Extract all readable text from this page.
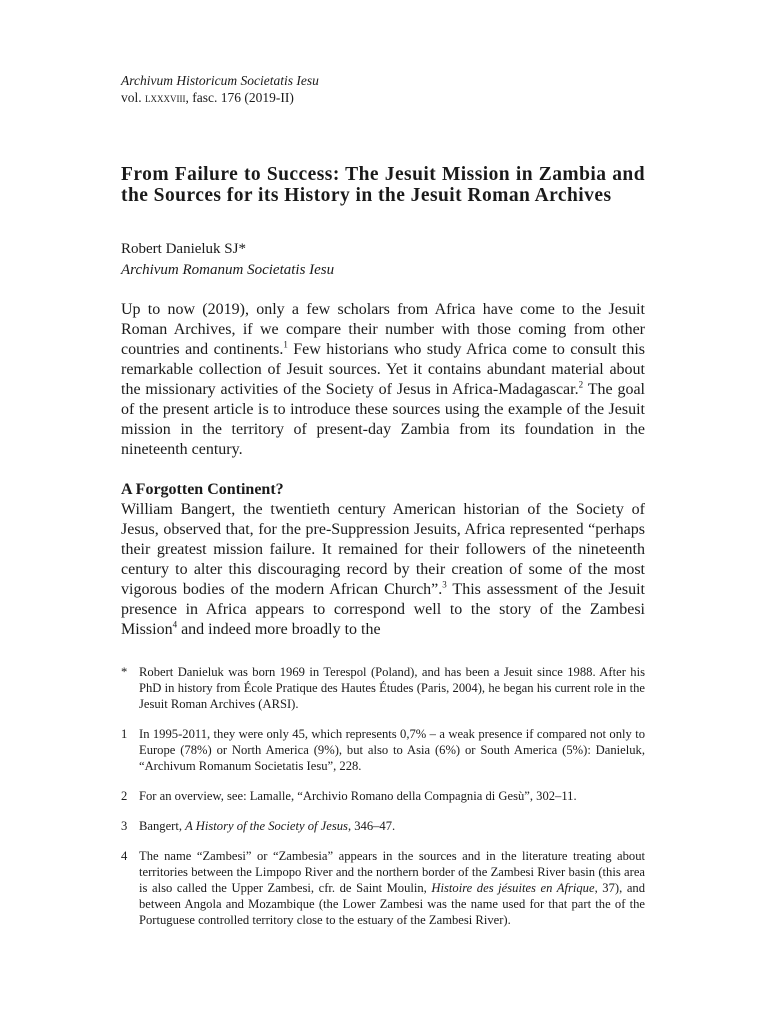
Archivum Historicum Societatis Iesu
vol. lxxxviii, fasc. 176 (2019-II)
From Failure to Success: The Jesuit Mission in Zambia and the Sources for its History in the Jesuit Roman Archives
Robert Danieluk SJ*
Archivum Romanum Societatis Iesu

Up to now (2019), only a few scholars from Africa have come to the Jesuit Roman Archives, if we compare their number with those coming from other countries and continents.$^1$ Few historians who study Africa come to consult this remarkable collection of Jesuit sources. Yet it contains abundant material about the missionary activities of the Society of Jesus in Africa-Madagascar.$^2$ The goal of the present article is to introduce these sources using the example of the Jesuit mission in the territory of present-day Zambia from its foundation in the nineteenth century.

A Forgotten Continent?

William Bangert, the twentieth century American historian of the Society of Jesus, observed that, for the pre-Suppression Jesuits, Africa represented “perhaps their greatest mission failure. It remained for their followers of the nineteenth century to alter this discouraging record by their creation of some of the most vigorous bodies of the modern African Church”.$^3$ This assessment of the Jesuit presence in Africa appears to correspond well to the story of the Zambesi Mission$^4$ and indeed more broadly to the

* Robert Danieluk was born 1969 in Terespol (Poland), and has been a Jesuit since 1988. After his PhD in history from École Pratique des Hautes Études (Paris, 2004), he began his current role in the Jesuit Roman Archives (ARSI).
1 In 1995-2011, they were only 45, which represents 0,7% – a weak presence if compared not only to Europe (78%) or North America (9%), but also to Asia (6%) or South America (5%): Danieluk, “Archivum Romanum Societatis Iesu”, 228.
2 For an overview, see: Lamalle, “Archivio Romano della Compagnia di Gesù”, 302–11.
3 Bangert, A History of the Society of Jesus, 346–47.
4 The name “Zambesi” or “Zambesia” appears in the sources and in the literature treating about territories between the Limpopo River and the northern border of the Zambesi River basin (this area is also called the Upper Zambesi, cfr. de Saint Moulin, Histoire des jésuites en Afrique, 37), and between Angola and Mozambique (the Lower Zambesi was the name used for that part the of the Portuguese controlled territory close to the estuary of the Zambesi River).
